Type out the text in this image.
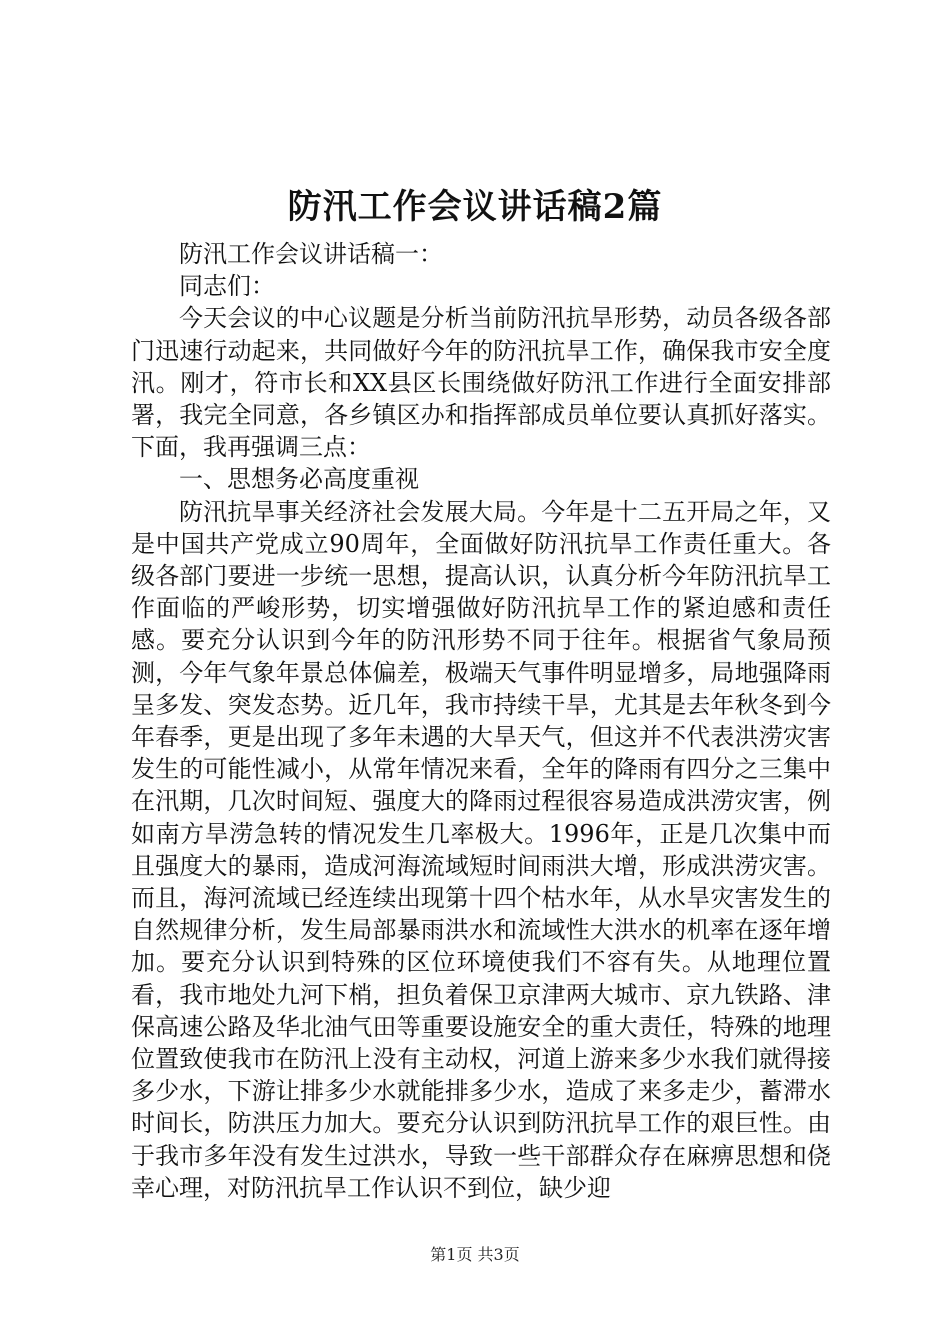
防汛工作会议讲话稿2篇

防汛工作会议讲话稿一：

同志们：

今天会议的中心议题是分析当前防汛抗旱形势，动员各级各部门迅速行动起来，共同做好今年的防汛抗旱工作，确保我市安全度汛。刚才，符市长和XX县区长围绕做好防汛工作进行全面安排部署，我完全同意，各乡镇区办和指挥部成员单位要认真抓好落实。下面，我再强调三点：

一、思想务必高度重视

防汛抗旱事关经济社会发展大局。今年是十二五开局之年，又是中国共产党成立90周年，全面做好防汛抗旱工作责任重大。各级各部门要进一步统一思想，提高认识，认真分析今年防汛抗旱工作面临的严峻形势，切实增强做好防汛抗旱工作的紧迫感和责任感。要充分认识到今年的防汛形势不同于往年。根据省气象局预测，今年气象年景总体偏差，极端天气事件明显增多，局地强降雨呈多发、突发态势。近几年，我市持续干旱，尤其是去年秋冬到今年春季，更是出现了多年未遇的大旱天气，但这并不代表洪涝灾害发生的可能性减小，从常年情况来看，全年的降雨有四分之三集中在汛期，几次时间短、强度大的降雨过程很容易造成洪涝灾害，例如南方旱涝急转的情况发生几率极大。1996年，正是几次集中而且强度大的暴雨，造成河海流域短时间雨洪大增，形成洪涝灾害。而且，海河流域已经连续出现第十四个枯水年，从水旱灾害发生的自然规律分析，发生局部暴雨洪水和流域性大洪水的机率在逐年增加。要充分认识到特殊的区位环境使我们不容有失。从地理位置看，我市地处九河下梢，担负着保卫京津两大城市、京九铁路、津保高速公路及华北油气田等重要设施安全的重大责任，特殊的地理位置致使我市在防汛上没有主动权，河道上游来多少水我们就得接多少水，下游让排多少水就能排多少水，造成了来多走少，蓄滞水时间长，防洪压力加大。要充分认识到防汛抗旱工作的艰巨性。由于我市多年没有发生过洪水，导致一些干部群众存在麻痹思想和侥幸心理，对防汛抗旱工作认识不到位，缺少迎

第1页 共3页
